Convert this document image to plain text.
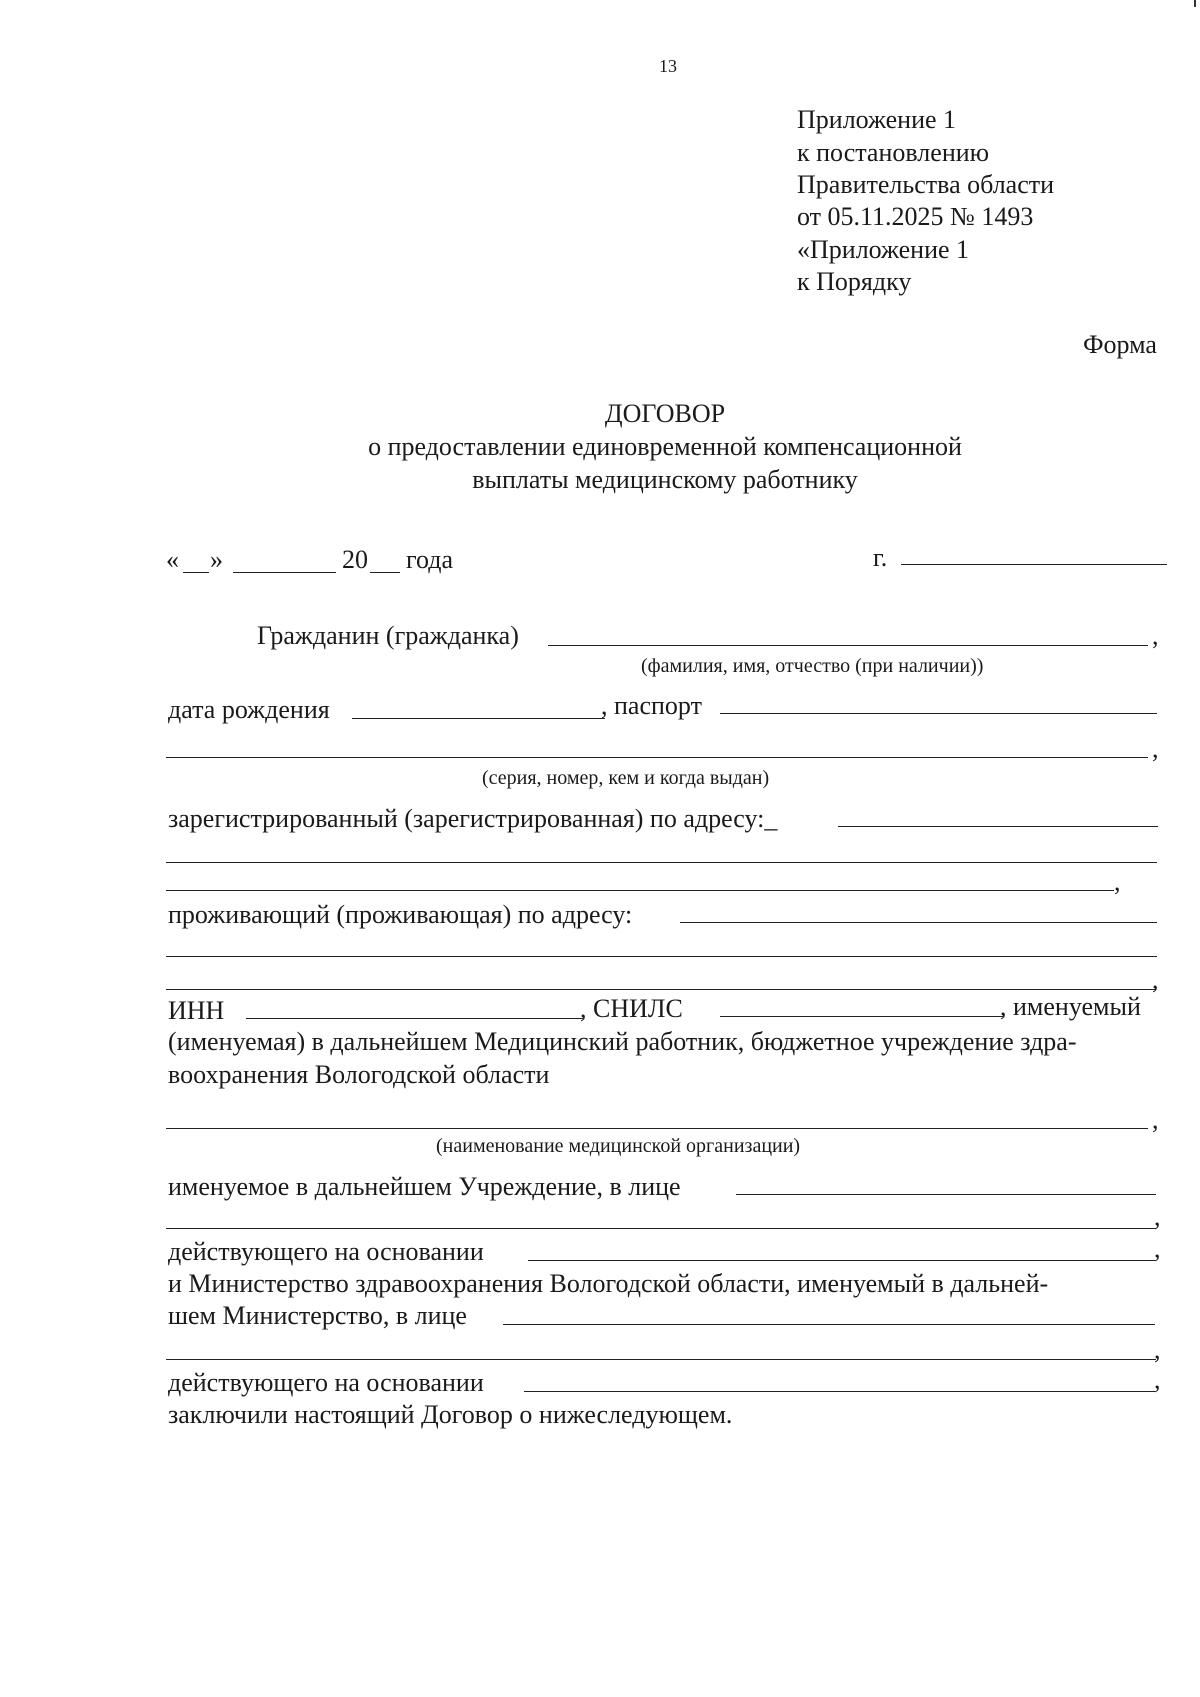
13
Приложение 1
к постановлению
Правительства области
от 05.11.2025 № 1493
«Приложение 1
к Порядку
Форма
ДОГОВОР
о предоставлении единовременной компенсационной
выплаты медицинскому работнику
« »	20 года	г.
Гражданин (гражданка)	,
(фамилия, имя, отчество (при наличии))
дата рождения	, паспорт
,
(серия, номер, кем и когда выдан)
зарегистрированный (зарегистрированная) по адресу:_
,
проживающий (проживающая) по адресу:
,
ИНН	, СНИЛС	, именуемый
(именуемая) в дальнейшем Медицинский работник, бюджетное учреждение здра-
воохранения Вологодской области
,
(наименование медицинской организации)
именуемое в дальнейшем Учреждение, в лице
,
действующего на основании	,
и Министерство здравоохранения Вологодской области, именуемый в дальней-
шем Министерство, в лице
,
действующего на основании	,
заключили настоящий Договор о нижеследующем.
